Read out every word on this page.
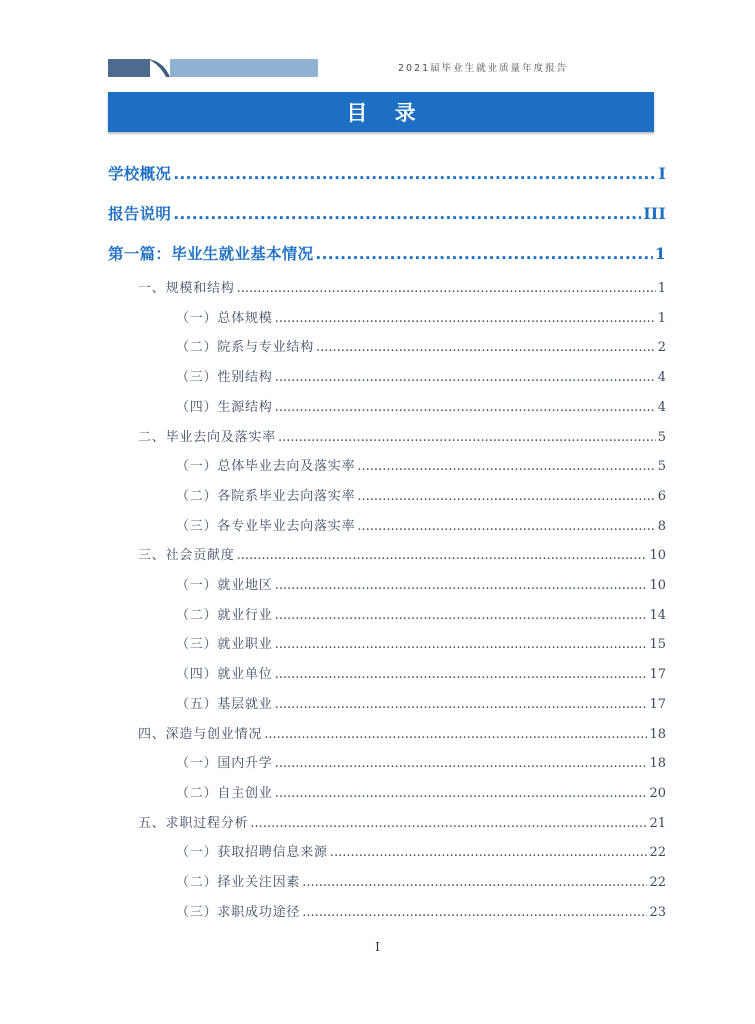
2021届毕业生就业质量年度报告
目 录
学校概况 .....	I
报告说明 .....	III
第一篇：毕业生就业基本情况 .....	1
一、规模和结构 .....	1
（一）总体规模 .....	1
（二）院系与专业结构 .....	2
（三）性别结构 .....	4
（四）生源结构 .....	4
二、毕业去向及落实率 .....	5
（一）总体毕业去向及落实率 .....	5
（二）各院系毕业去向落实率 .....	6
（三）各专业毕业去向落实率 .....	8
三、社会贡献度 .....	10
（一）就业地区 .....	10
（二）就业行业 .....	14
（三）就业职业 .....	15
（四）就业单位 .....	17
（五）基层就业 .....	17
四、深造与创业情况 .....	18
（一）国内升学 .....	18
（二）自主创业 .....	20
五、求职过程分析 .....	21
（一）获取招聘信息来源 .....	22
（二）择业关注因素 .....	22
（三）求职成功途径 .....	23
I
